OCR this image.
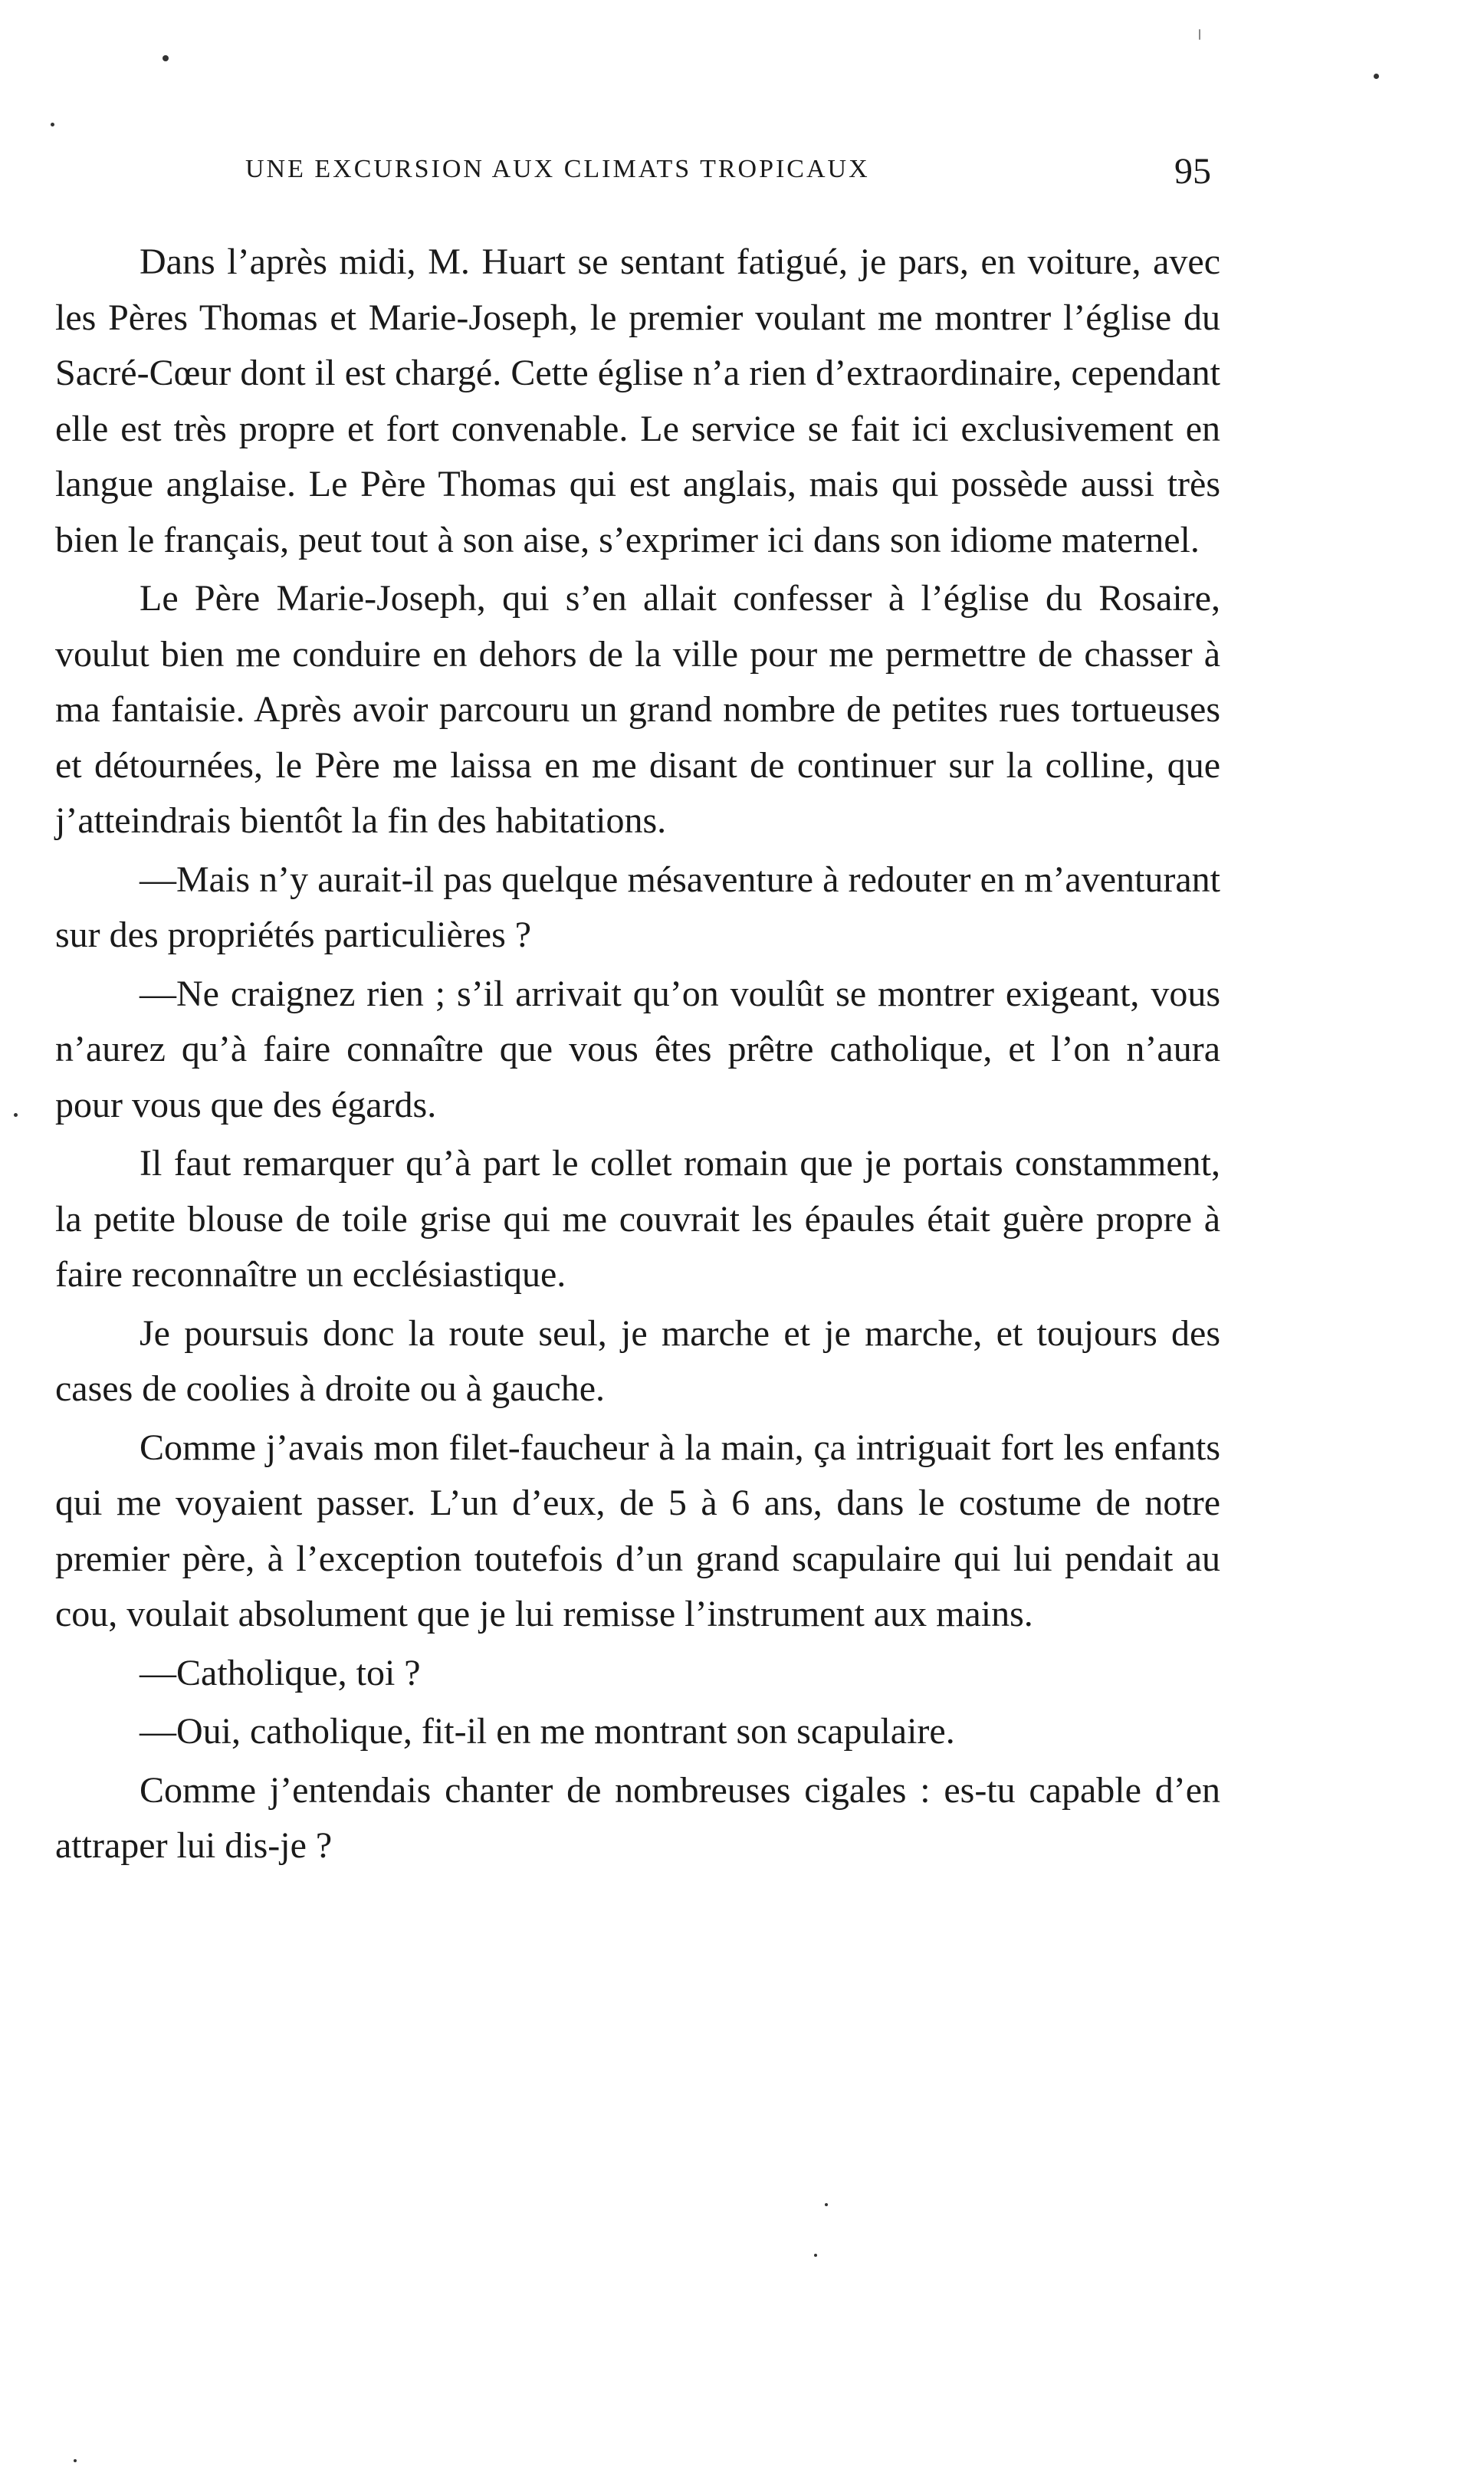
UNE EXCURSION AUX CLIMATS TROPICAUX	95

Dans l’après midi, M. Huart se sentant fatigué, je pars, en voiture, avec les Pères Thomas et Marie-Joseph, le premier voulant me montrer l’église du Sacré-Cœur dont il est chargé. Cette église n’a rien d’extraordinaire, cependant elle est très propre et fort convenable. Le service se fait ici exclusivement en langue anglaise. Le Père Thomas qui est anglais, mais qui possède aussi très bien le français, peut tout à son aise, s’exprimer ici dans son idiome maternel.

Le Père Marie-Joseph, qui s’en allait confesser à l’église du Rosaire, voulut bien me conduire en dehors de la ville pour me permettre de chasser à ma fantaisie. Après avoir parcouru un grand nombre de petites rues tortueuses et détournées, le Père me laissa en me disant de continuer sur la colline, que j’atteindrais bientôt la fin des habitations.

—Mais n’y aurait-il pas quelque mésaventure à redouter en m’aventurant sur des propriétés particulières ?

—Ne craignez rien ; s’il arrivait qu’on voulût se montrer exigeant, vous n’aurez qu’à faire connaître que vous êtes prêtre catholique, et l’on n’aura pour vous que des égards.

Il faut remarquer qu’à part le collet romain que je portais constamment, la petite blouse de toile grise qui me couvrait les épaules était guère propre à faire reconnaître un ecclésiastique.

Je poursuis donc la route seul, je marche et je marche, et toujours des cases de coolies à droite ou à gauche.

Comme j’avais mon filet-faucheur à la main, ça intriguait fort les enfants qui me voyaient passer. L’un d’eux, de 5 à 6 ans, dans le costume de notre premier père, à l’exception toutefois d’un grand scapulaire qui lui pendait au cou, voulait absolument que je lui remisse l’instrument aux mains.

—Catholique, toi ?

—Oui, catholique, fit-il en me montrant son scapulaire.

Comme j’entendais chanter de nombreuses cigales : es-tu capable d’en attraper lui dis-je ?
